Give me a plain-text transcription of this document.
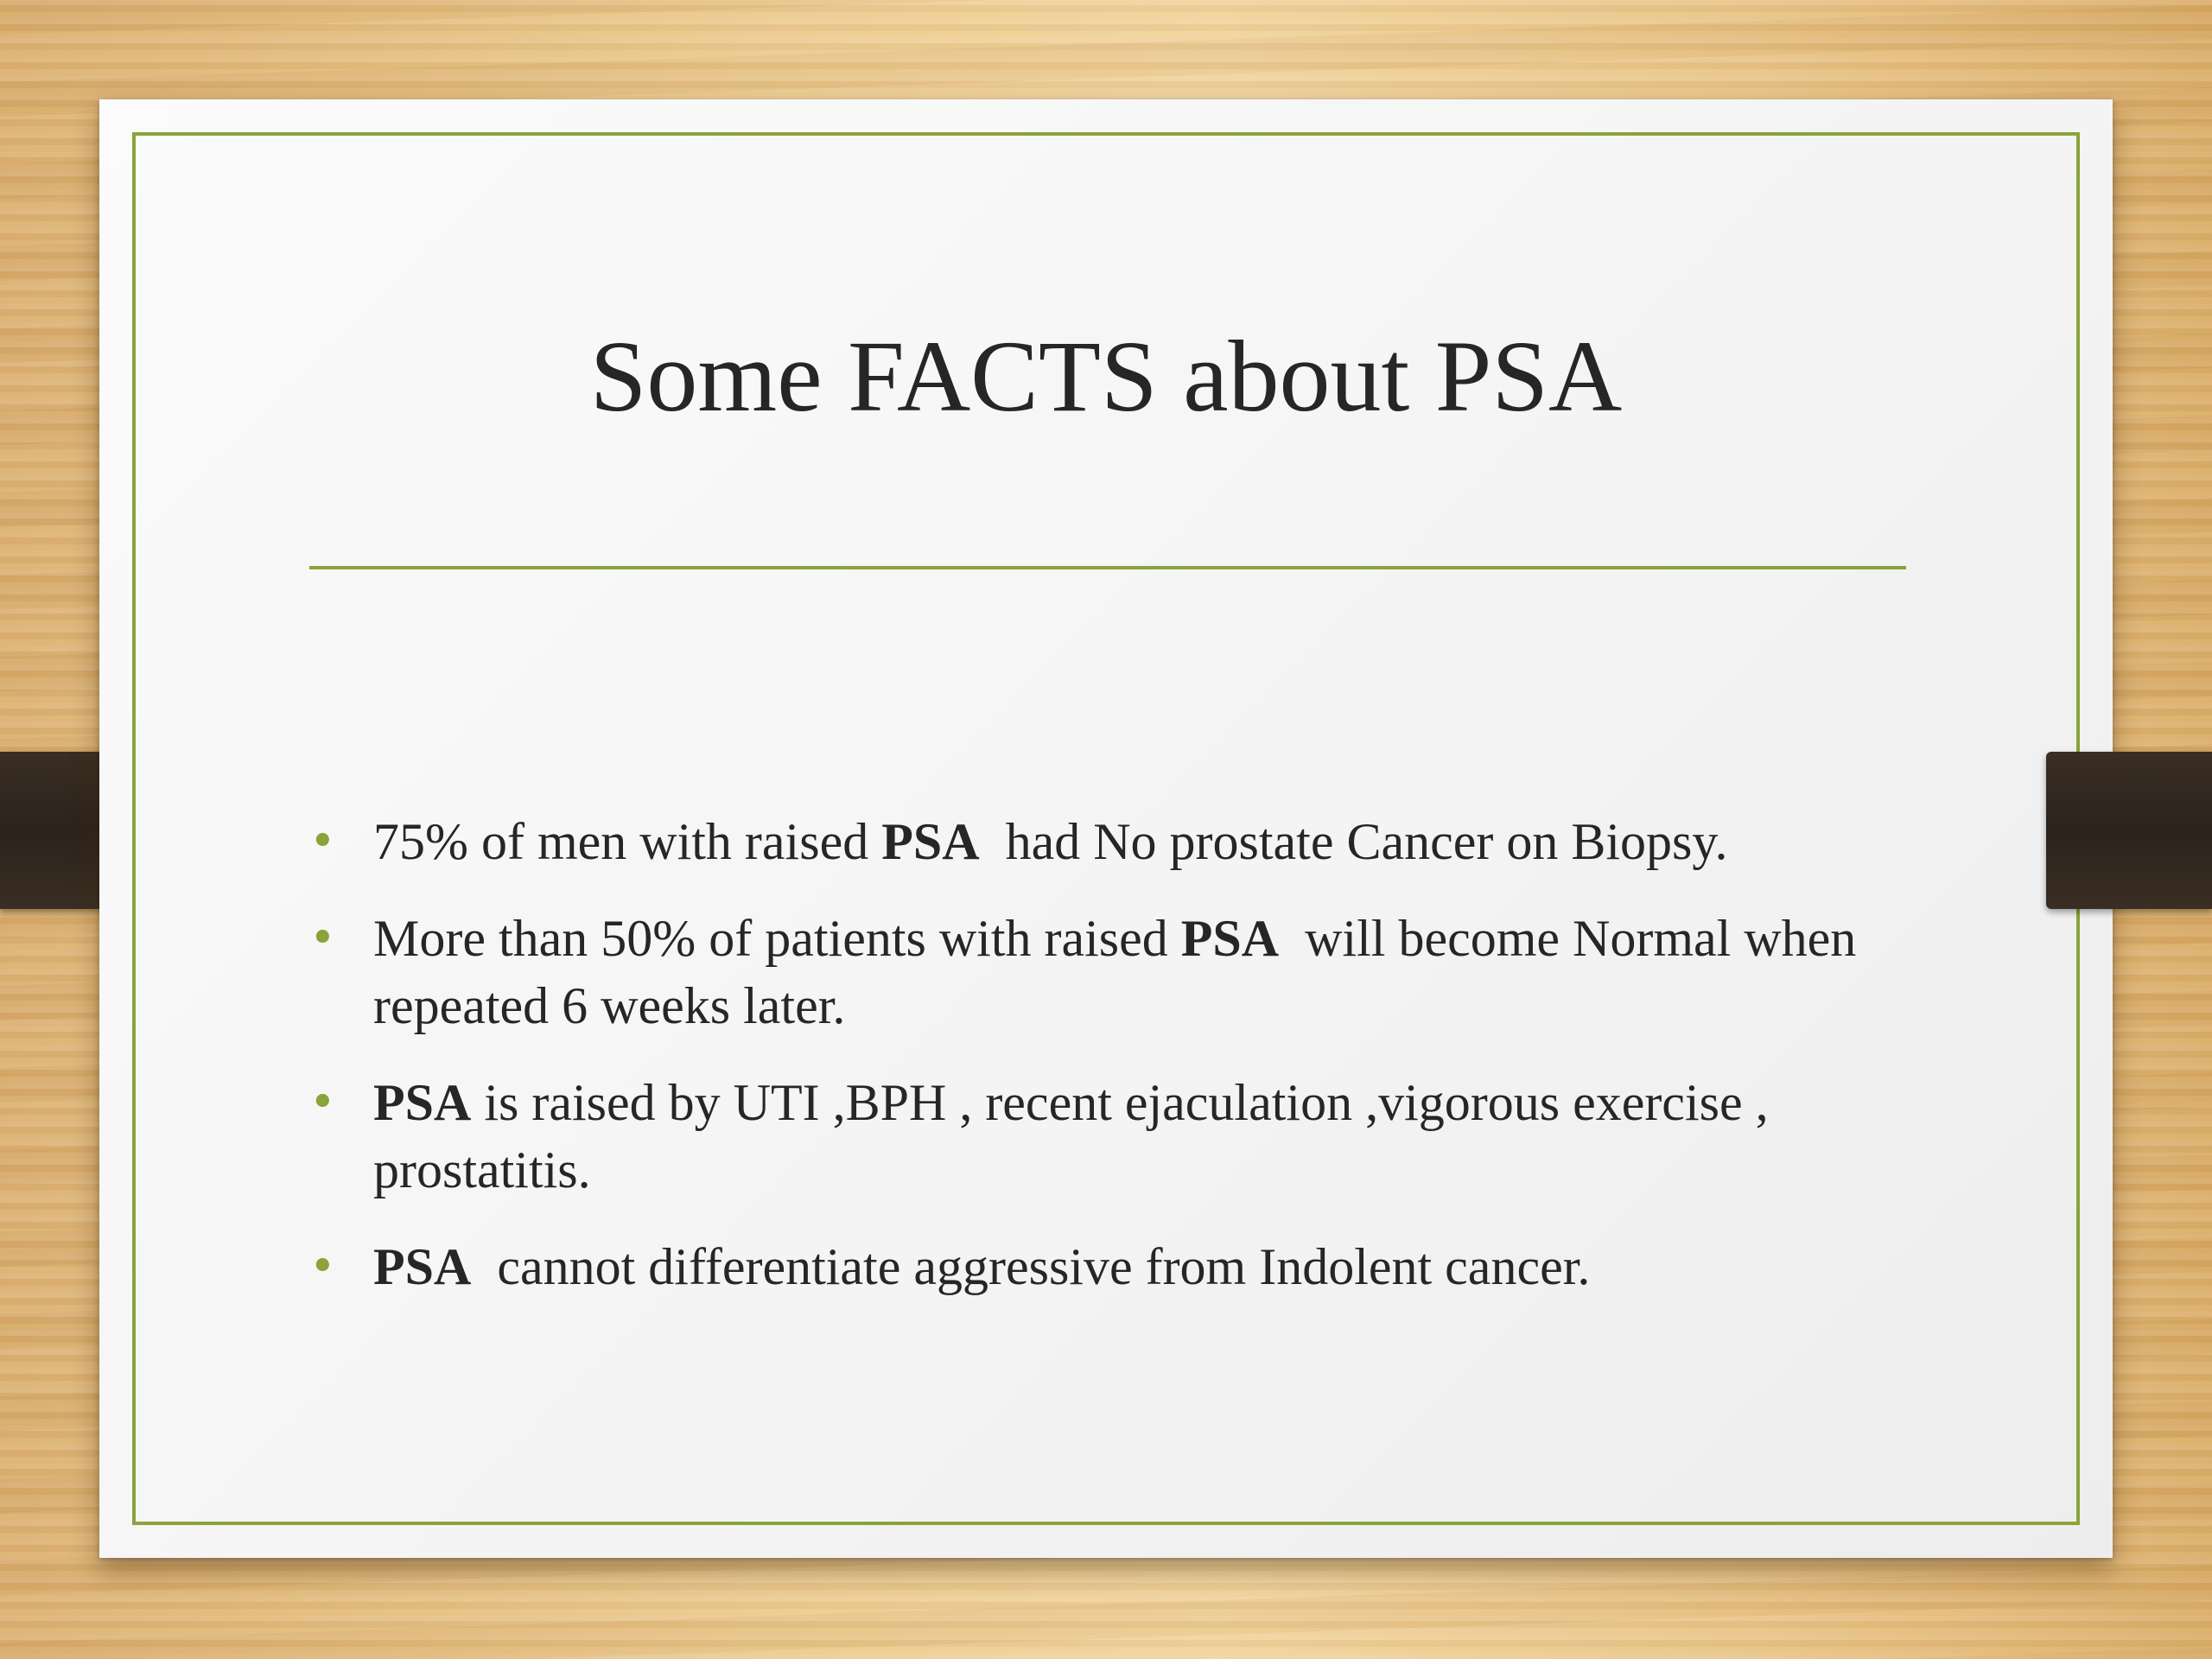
Some FACTS about PSA
• 75% of men with raised PSA  had No prostate Cancer on Biopsy.
• More than 50% of patients with raised PSA  will become Normal when repeated 6 weeks later.
• PSA is raised by UTI ,BPH , recent ejaculation ,vigorous exercise , prostatitis.
• PSA  cannot differentiate aggressive from Indolent cancer.
